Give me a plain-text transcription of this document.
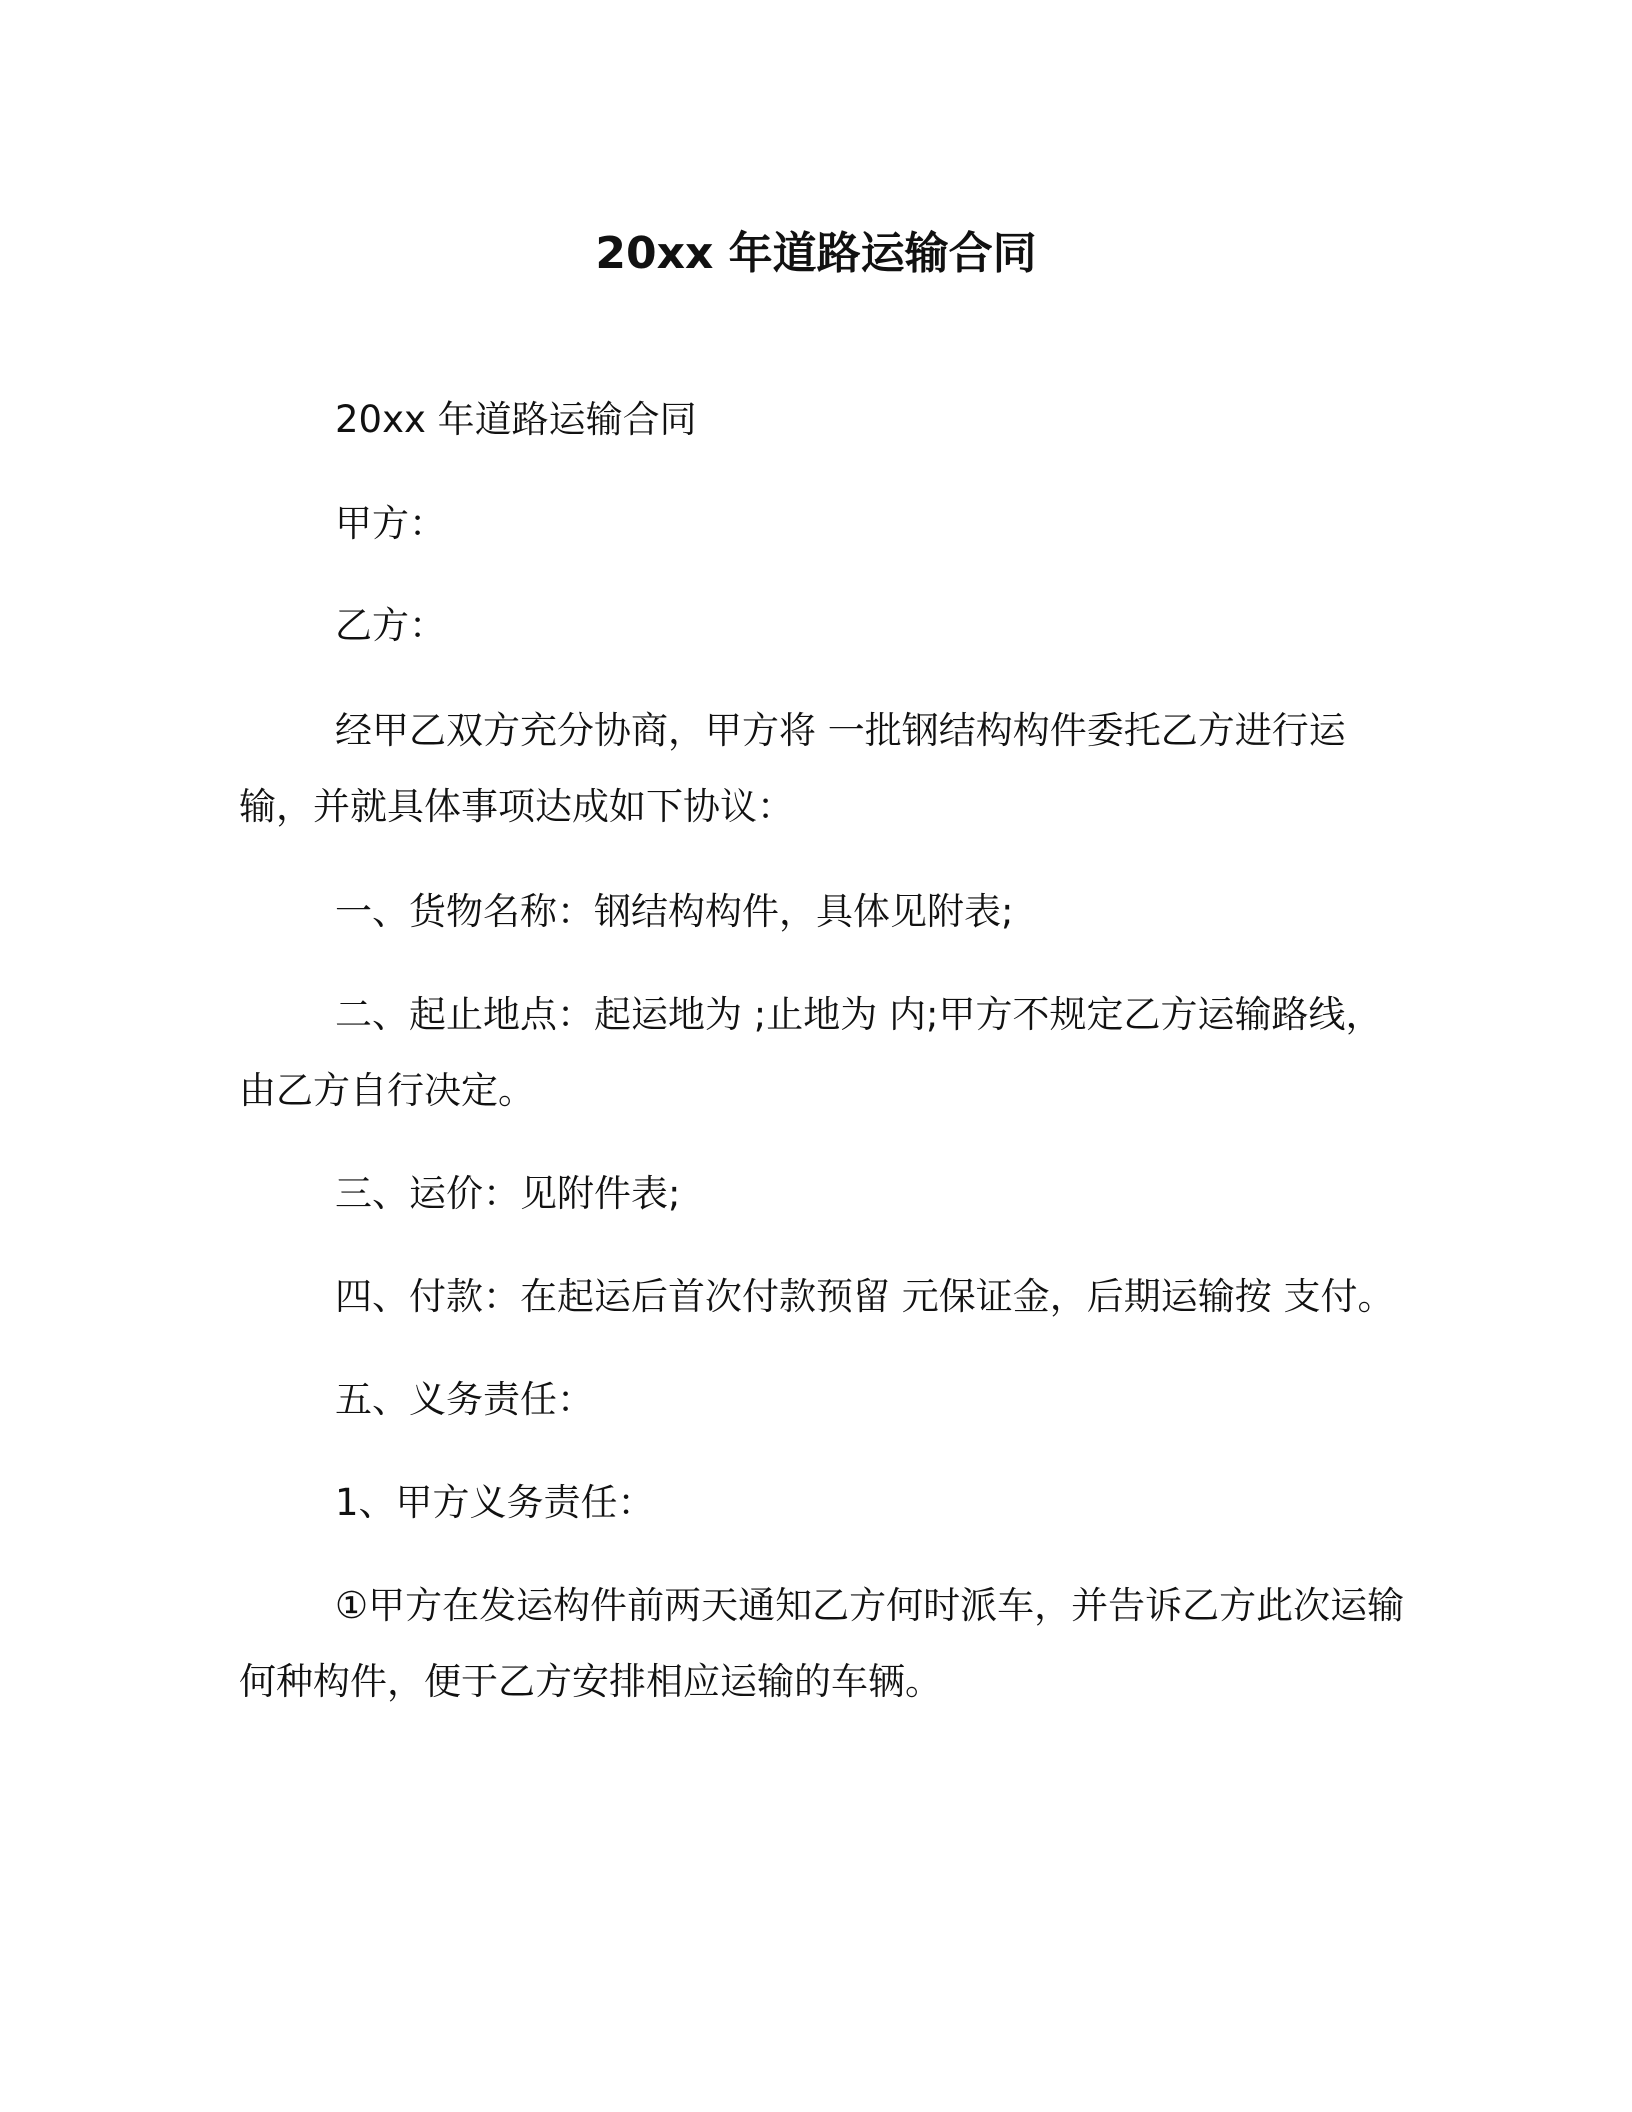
20xx 年道路运输合同

20xx 年道路运输合同

甲方：

乙方：

经甲乙双方充分协商，甲方将 一批钢结构构件委托乙方进行运输，并就具体事项达成如下协议：

一、货物名称：钢结构构件，具体见附表;

二、起止地点：起运地为 ;止地为 内;甲方不规定乙方运输路线，由乙方自行决定。

三、运价：见附件表;

四、付款：在起运后首次付款预留 元保证金，后期运输按 支付。

五、义务责任：

1、甲方义务责任：

①甲方在发运构件前两天通知乙方何时派车，并告诉乙方此次运输何种构件，便于乙方安排相应运输的车辆。
